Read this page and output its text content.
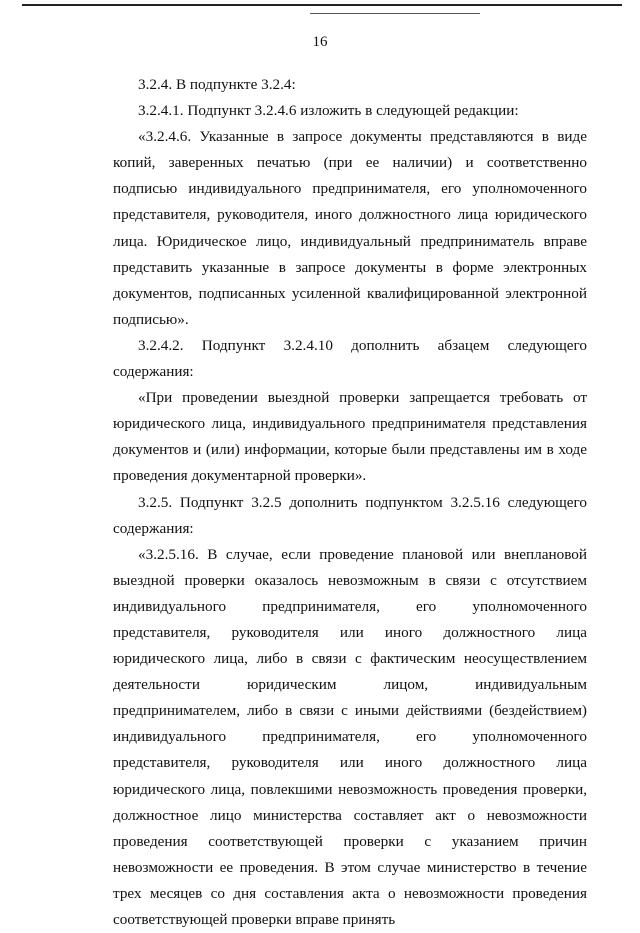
16

3.2.4. В подпункте 3.2.4:

3.2.4.1. Подпункт 3.2.4.6 изложить в следующей редакции:

«3.2.4.6. Указанные в запросе документы представляются в виде копий, заверенных печатью (при ее наличии) и соответственно подписью индивидуального предпринимателя, его уполномоченного представителя, руководителя, иного должностного лица юридического лица. Юридическое лицо, индивидуальный предприниматель вправе представить указанные в запросе документы в форме электронных документов, подписанных усиленной квалифицированной электронной подписью».

3.2.4.2. Подпункт 3.2.4.10 дополнить абзацем следующего содержания:

«При проведении выездной проверки запрещается требовать от юридического лица, индивидуального предпринимателя представления документов и (или) информации, которые были представлены им в ходе проведения документарной проверки».

3.2.5. Подпункт 3.2.5 дополнить подпунктом 3.2.5.16 следующего содержания:

«3.2.5.16. В случае, если проведение плановой или внеплановой выездной проверки оказалось невозможным в связи с отсутствием индивидуального предпринимателя, его уполномоченного представителя, руководителя или иного должностного лица юридического лица, либо в связи с фактическим неосуществлением деятельности юридическим лицом, индивидуальным предпринимателем, либо в связи с иными действиями (бездействием) индивидуального предпринимателя, его уполномоченного представителя, руководителя или иного должностного лица юридического лица, повлекшими невозможность проведения проверки, должностное лицо министерства составляет акт о невозможности проведения соответствующей проверки с указанием причин невозможности ее проведения. В этом случае министерство в течение трех месяцев со дня составления акта о невозможности проведения соответствующей проверки вправе принять
